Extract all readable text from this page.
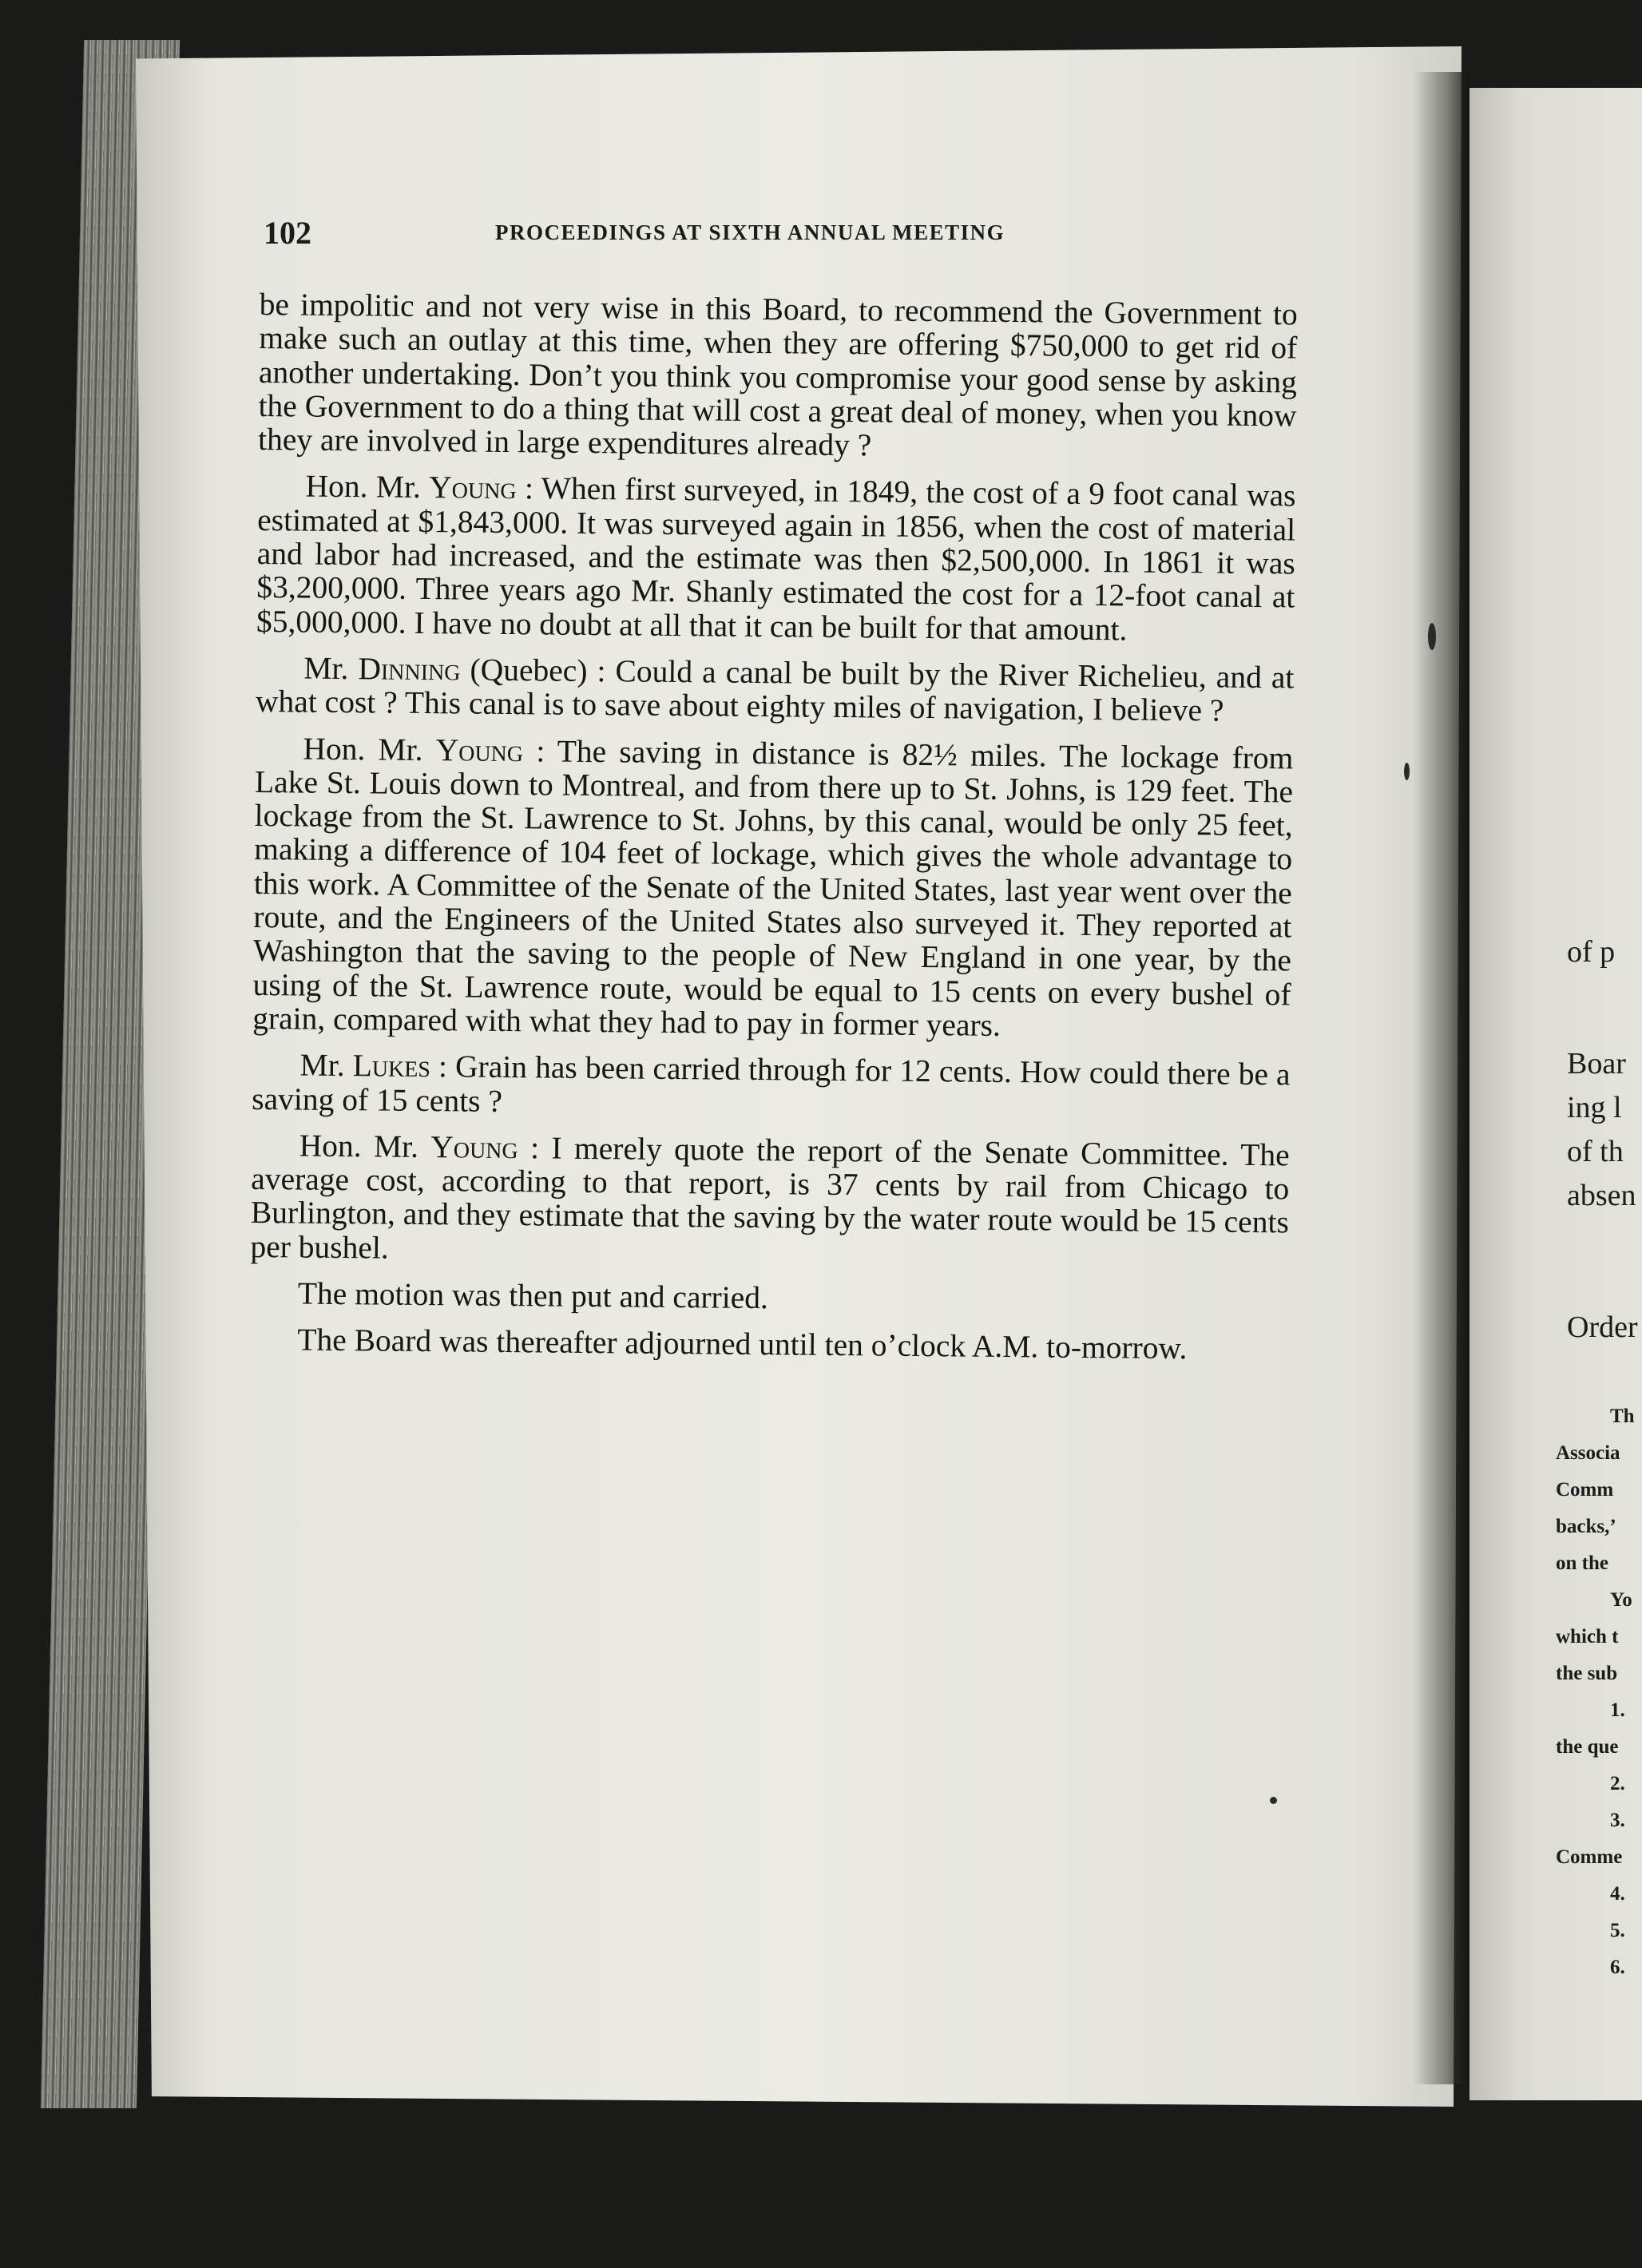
102	PROCEEDINGS AT SIXTH ANNUAL MEETING

be impolitic and not very wise in this Board, to recommend the Government to make such an outlay at this time, when they are offering $750,000 to get rid of another undertaking. Don’t you think you compromise your good sense by asking the Government to do a thing that will cost a great deal of money, when you know they are involved in large expenditures already ?

Hon. Mr. Young : When first surveyed, in 1849, the cost of a 9 foot canal was estimated at $1,843,000. It was surveyed again in 1856, when the cost of material and labor had increased, and the estimate was then $2,500,000. In 1861 it was $3,200,000. Three years ago Mr. Shanly estimated the cost for a 12-foot canal at $5,000,000. I have no doubt at all that it can be built for that amount.

Mr. Dinning (Quebec) : Could a canal be built by the River Richelieu, and at what cost ? This canal is to save about eighty miles of navigation, I believe ?

Hon. Mr. Young : The saving in distance is 82½ miles. The lockage from Lake St. Louis down to Montreal, and from there up to St. Johns, is 129 feet. The lockage from the St. Lawrence to St. Johns, by this canal, would be only 25 feet, making a difference of 104 feet of lockage, which gives the whole advantage to this work. A Committee of the Senate of the United States, last year went over the route, and the Engineers of the United States also surveyed it. They reported at Washington that the saving to the people of New England in one year, by the using of the St. Lawrence route, would be equal to 15 cents on every bushel of grain, compared with what they had to pay in former years.

Mr. Lukes : Grain has been carried through for 12 cents. How could there be a saving of 15 cents ?

Hon. Mr. Young : I merely quote the report of the Senate Committee. The average cost, according to that report, is 37 cents by rail from Chicago to Burlington, and they estimate that the saving by the water route would be 15 cents per bushel.

The motion was then put and carried.

The Board was thereafter adjourned until ten o’clock A.M. to-morrow.

of p
Boar
ing l
of th
absen
Order
Th
Associa
Comm
backs,’
on the
Yo
which t
the sub
1.
the que
2.
3.
Comme
4.
5.
6.
